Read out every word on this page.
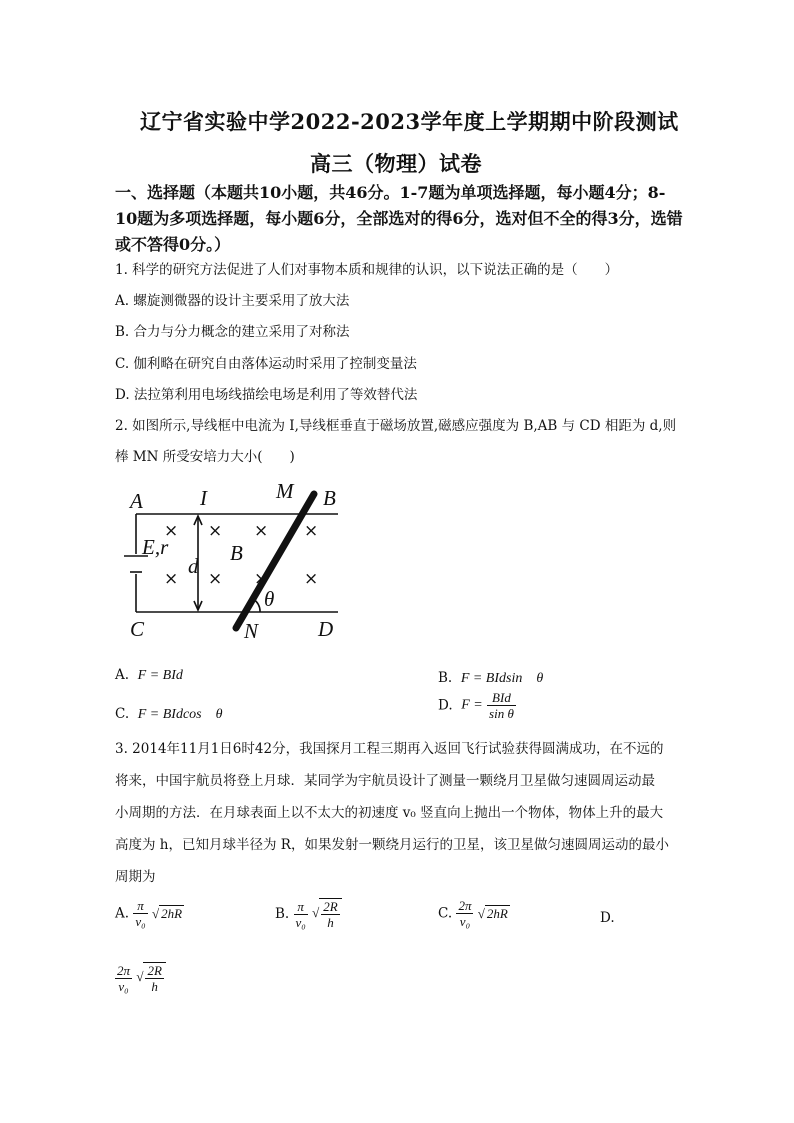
辽宁省实验中学2022-2023学年度上学期期中阶段测试
高三（物理）试卷
一、选择题（本题共10小题，共46分。1-7题为单项选择题，每小题4分；8-10题为多项选择题，每小题6分，全部选对的得6分，选对但不全的得3分，选错或不答得0分。）
1. 科学的研究方法促进了人们对事物本质和规律的认识，以下说法正确的是（　　）
A. 螺旋测微器的设计主要采用了放大法
B. 合力与分力概念的建立采用了对称法
C. 伽利略在研究自由落体运动时采用了控制变量法
D. 法拉第利用电场线描绘电场是利用了等效替代法
2. 如图所示,导线框中电流为 I,导线框垂直于磁场放置,磁感应强度为 B,AB 与 CD 相距为 d,则
棒 MN 所受安培力大小(　　)
A	I	M B
E,r
d
B
θ
C	N	D
× × × ×
× × × ×
A. F = BId	B. F = BIdsin　θ
C. F = BIdcos　θ
D. $F = \frac{\text{BId}}{\text{sin θ}}$
3. 2014年11月1日6时42分，我国探月工程三期再入返回飞行试验获得圆满成功，在不远的
将来，中国宇航员将登上月球．某同学为宇航员设计了测量一颗绕月卫星做匀速圆周运动最
小周期的方法．在月球表面上以不太大的初速度 v₀ 竖直向上抛出一个物体，物体上升的最大
高度为 h，已知月球半径为 R，如果发射一颗绕月运行的卫星，该卫星做匀速圆周运动的最小
周期为
A. $\frac{\pi}{\text{v₀}}$ √ 2hR	B. $\frac{\pi}{\text{v₀}}$ √ $\frac{2R}{h}$	C. $\frac{2\pi}{\text{v₀}}$ √ 2hR	D.
$\frac{2\pi}{\text{v₀}}$ √ $\frac{2R}{h}$
